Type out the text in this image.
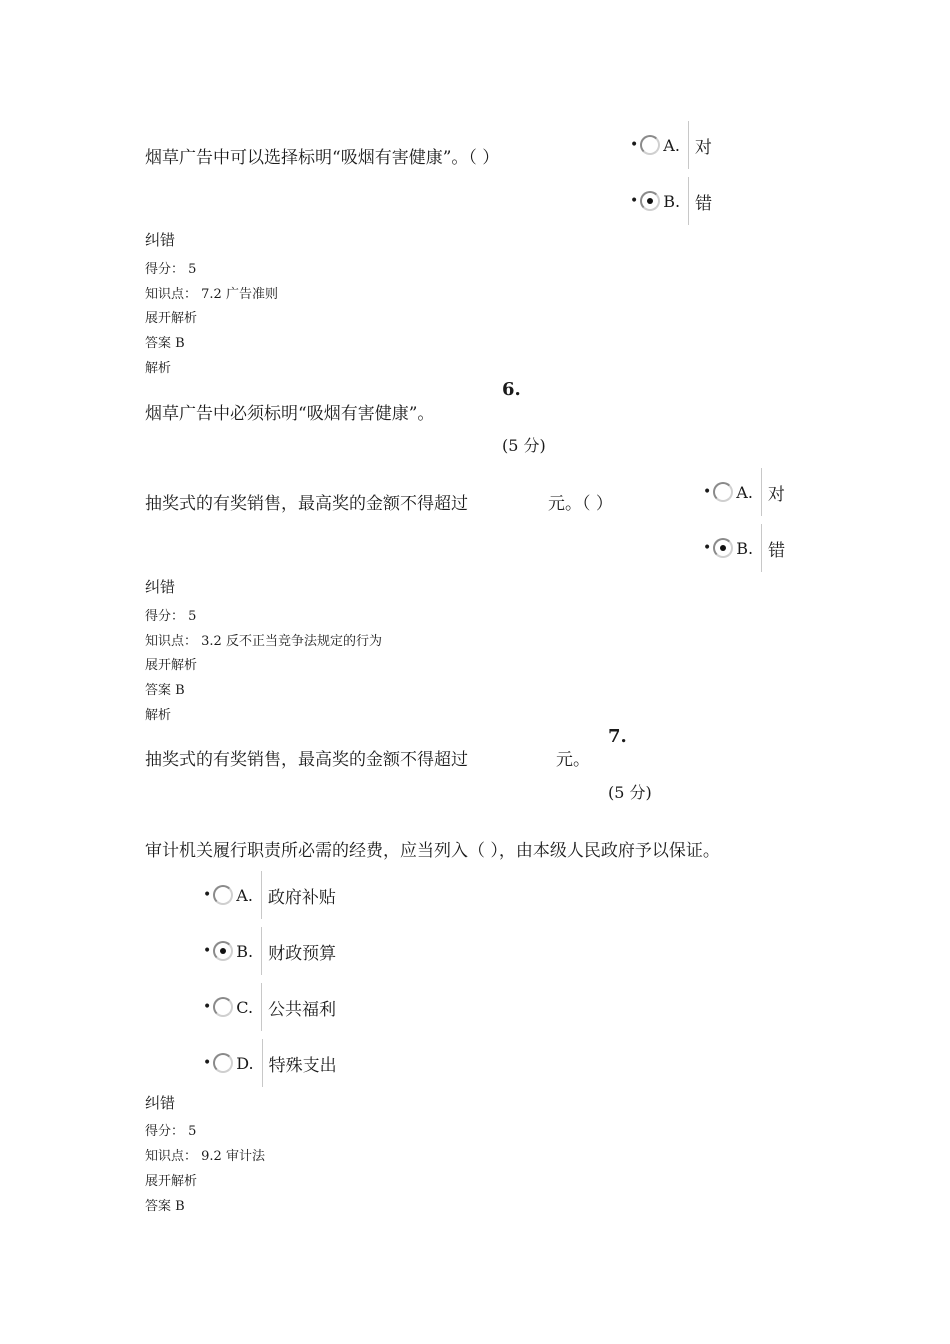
烟草广告中可以选择标明“吸烟有害健康”。（ ）
• A. 对
• B. 错
纠错
得分： 5
知识点： 7.2 广告准则
展开解析
答案 B
解析
烟草广告中必须标明“吸烟有害健康”。
6.
(5 分)
抽奖式的有奖销售，最高奖的金额不得超过	元。（ ）
• A. 对
• B. 错
纠错
得分： 5
知识点： 3.2 反不正当竞争法规定的行为
展开解析
答案 B
解析
抽奖式的有奖销售，最高奖的金额不得超过	元。
7.
(5 分)
审计机关履行职责所必需的经费，应当列入（ ），由本级人民政府予以保证。
• A. 政府补贴
• B. 财政预算
• C. 公共福利
• D. 特殊支出
纠错
得分： 5
知识点： 9.2 审计法
展开解析
答案 B
